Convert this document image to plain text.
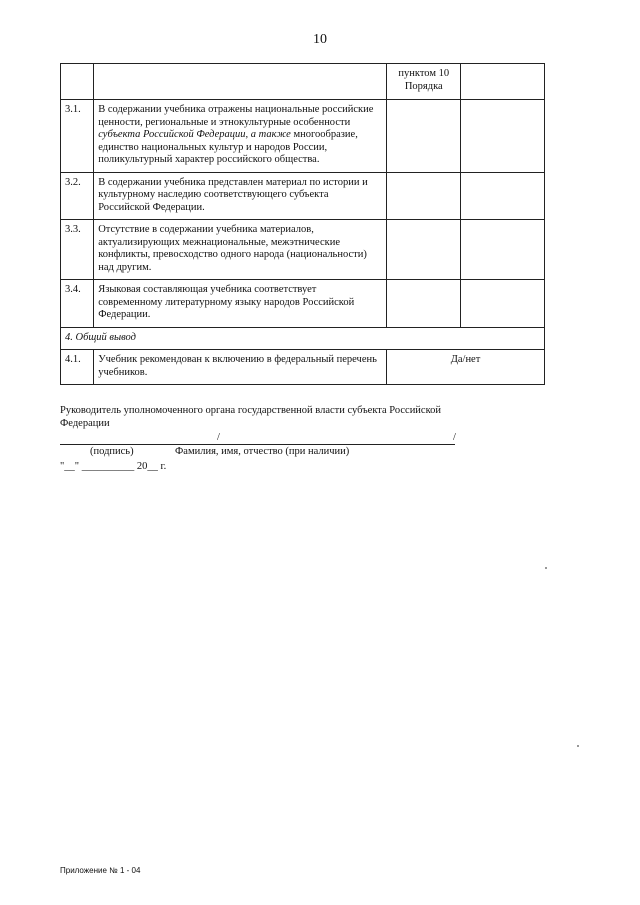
10
		пунктом 10 Порядка	
3.1.	В содержании учебника отражены национальные российские ценности, региональные и этнокультурные особенности субъекта Российской Федерации, а также многообразие, единство национальных культур и народов России, поликультурный характер российского общества.		
3.2.	В содержании учебника представлен материал по истории и культурному наследию соответствующего субъекта Российской Федерации.		
3.3.	Отсутствие в содержании учебника материалов, актуализирующих межнациональные, межэтнические конфликты, превосходство одного народа (национальности) над другим.		
3.4.	Языковая составляющая учебника соответствует современному литературному языку народов Российской Федерации.		
4. Общий вывод			
4.1.	Учебник рекомендован к включению в федеральный перечень учебников.	Да/нет	
Руководитель уполномоченного органа государственной власти субъекта Российской Федерации
/	/
(подпись)	Фамилия, имя, отчество (при наличии)
"__" __________ 20__ г.
Приложение № 1 - 04
